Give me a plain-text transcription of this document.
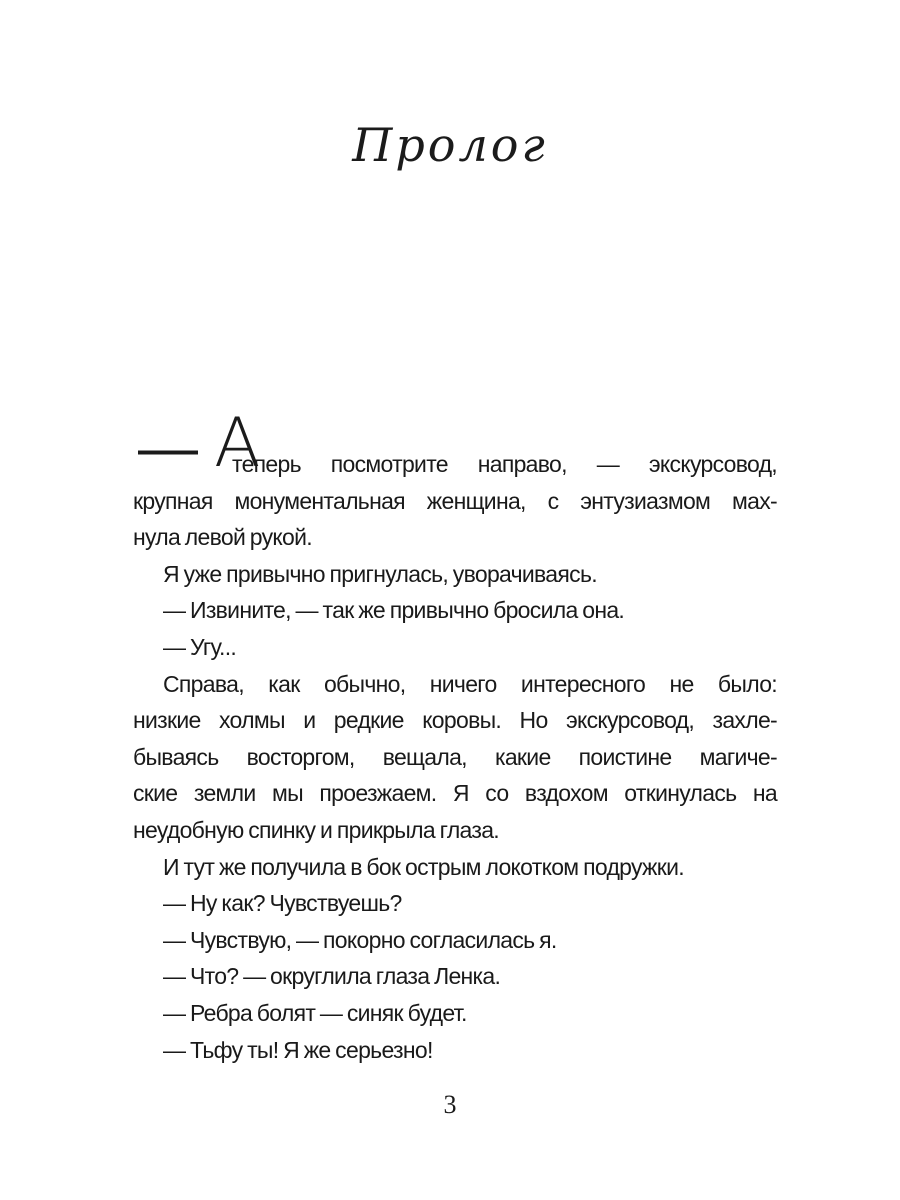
Пролог
— А
теперь посмотрите направо, — экскурсовод,
крупная монументальная женщина, с энтузиазмом мах-
нула левой рукой.
Я уже привычно пригнулась, уворачиваясь.
— Извините, — так же привычно бросила она.
— Угу...
Справа, как обычно, ничего интересного не было:
низкие холмы и редкие коровы. Но экскурсовод, захле-
бываясь восторгом, вещала, какие поистине магиче-
ские земли мы проезжаем. Я со вздохом откинулась на
неудобную спинку и прикрыла глаза.
И тут же получила в бок острым локотком подружки.
— Ну как? Чувствуешь?
— Чувствую, — покорно согласилась я.
— Что? — округлила глаза Ленка.
— Ребра болят — синяк будет.
— Тьфу ты! Я же серьезно!
3
